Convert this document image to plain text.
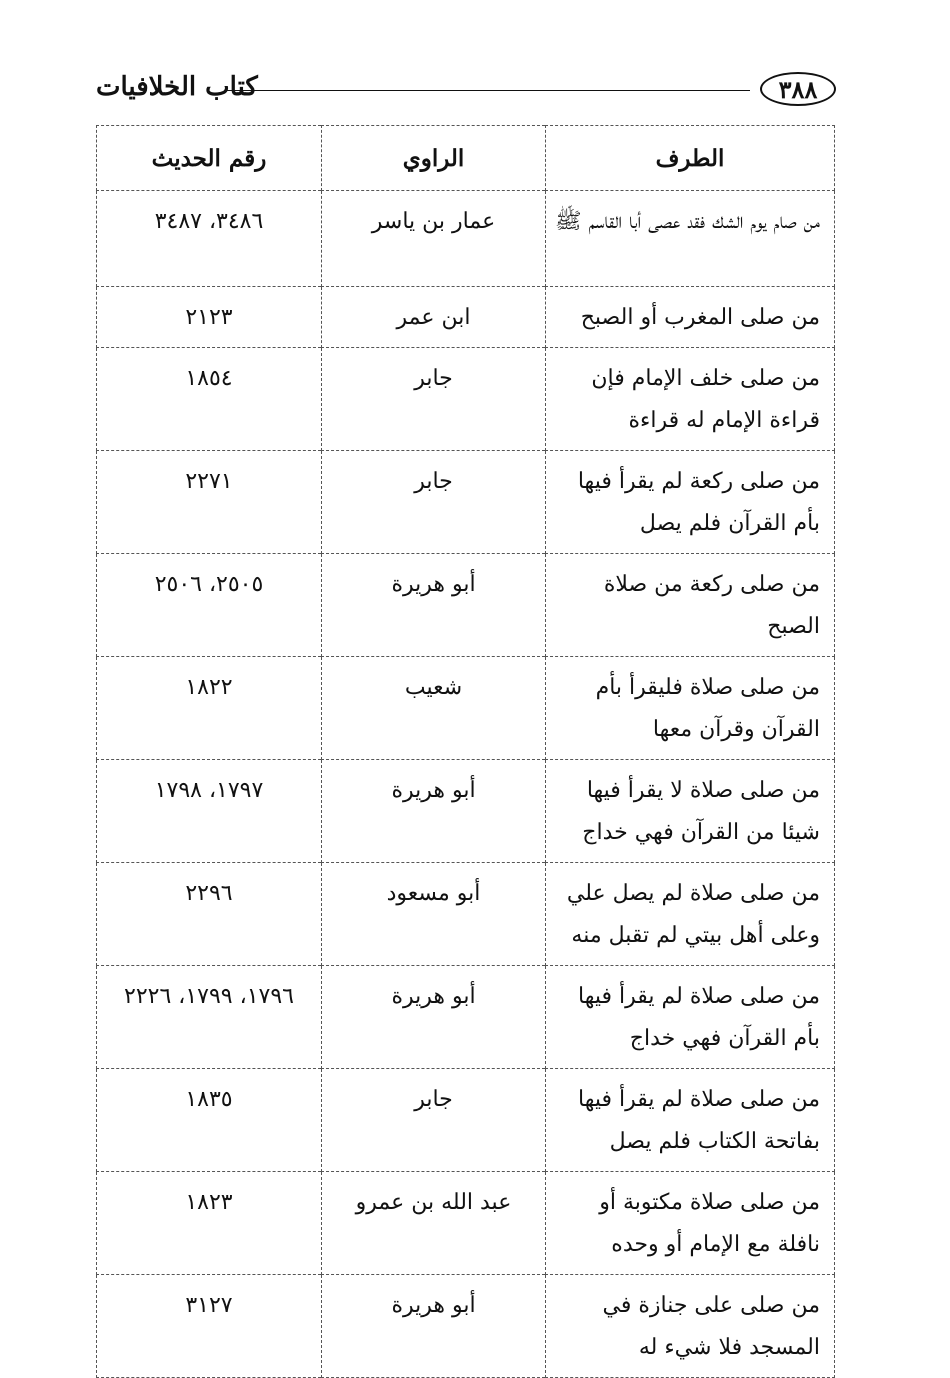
كتاب الخلافيات	٣٨٨
الطرف	الراوي	رقم الحديث
من صام يوم الشك فقد عصى أبا القاسم ﷺ	عمار بن ياسر	٣٤٨٦، ٣٤٨٧
من صلى المغرب أو الصبح	ابن عمر	٢١٢٣
من صلى خلف الإمام فإن قراءة الإمام له قراءة	جابر	١٨٥٤
من صلى ركعة لم يقرأ فيها بأم القرآن فلم يصل	جابر	٢٢٧١
من صلى ركعة من صلاة الصبح	أبو هريرة	٢٥٠٥، ٢٥٠٦
من صلى صلاة فليقرأ بأم القرآن وقرآن معها	شعيب	١٨٢٢
من صلى صلاة لا يقرأ فيها شيئا من القرآن فهي خداج	أبو هريرة	١٧٩٧، ١٧٩٨
من صلى صلاة لم يصل علي وعلى أهل بيتي لم تقبل منه	أبو مسعود	٢٢٩٦
من صلى صلاة لم يقرأ فيها بأم القرآن فهي خداج	أبو هريرة	١٧٩٦، ١٧٩٩، ٢٢٢٦
من صلى صلاة لم يقرأ فيها بفاتحة الكتاب فلم يصل	جابر	١٨٣٥
من صلى صلاة مكتوبة أو نافلة مع الإمام أو وحده	عبد الله بن عمرو	١٨٢٣
من صلى على جنازة في المسجد فلا شيء له	أبو هريرة	٣١٢٧
